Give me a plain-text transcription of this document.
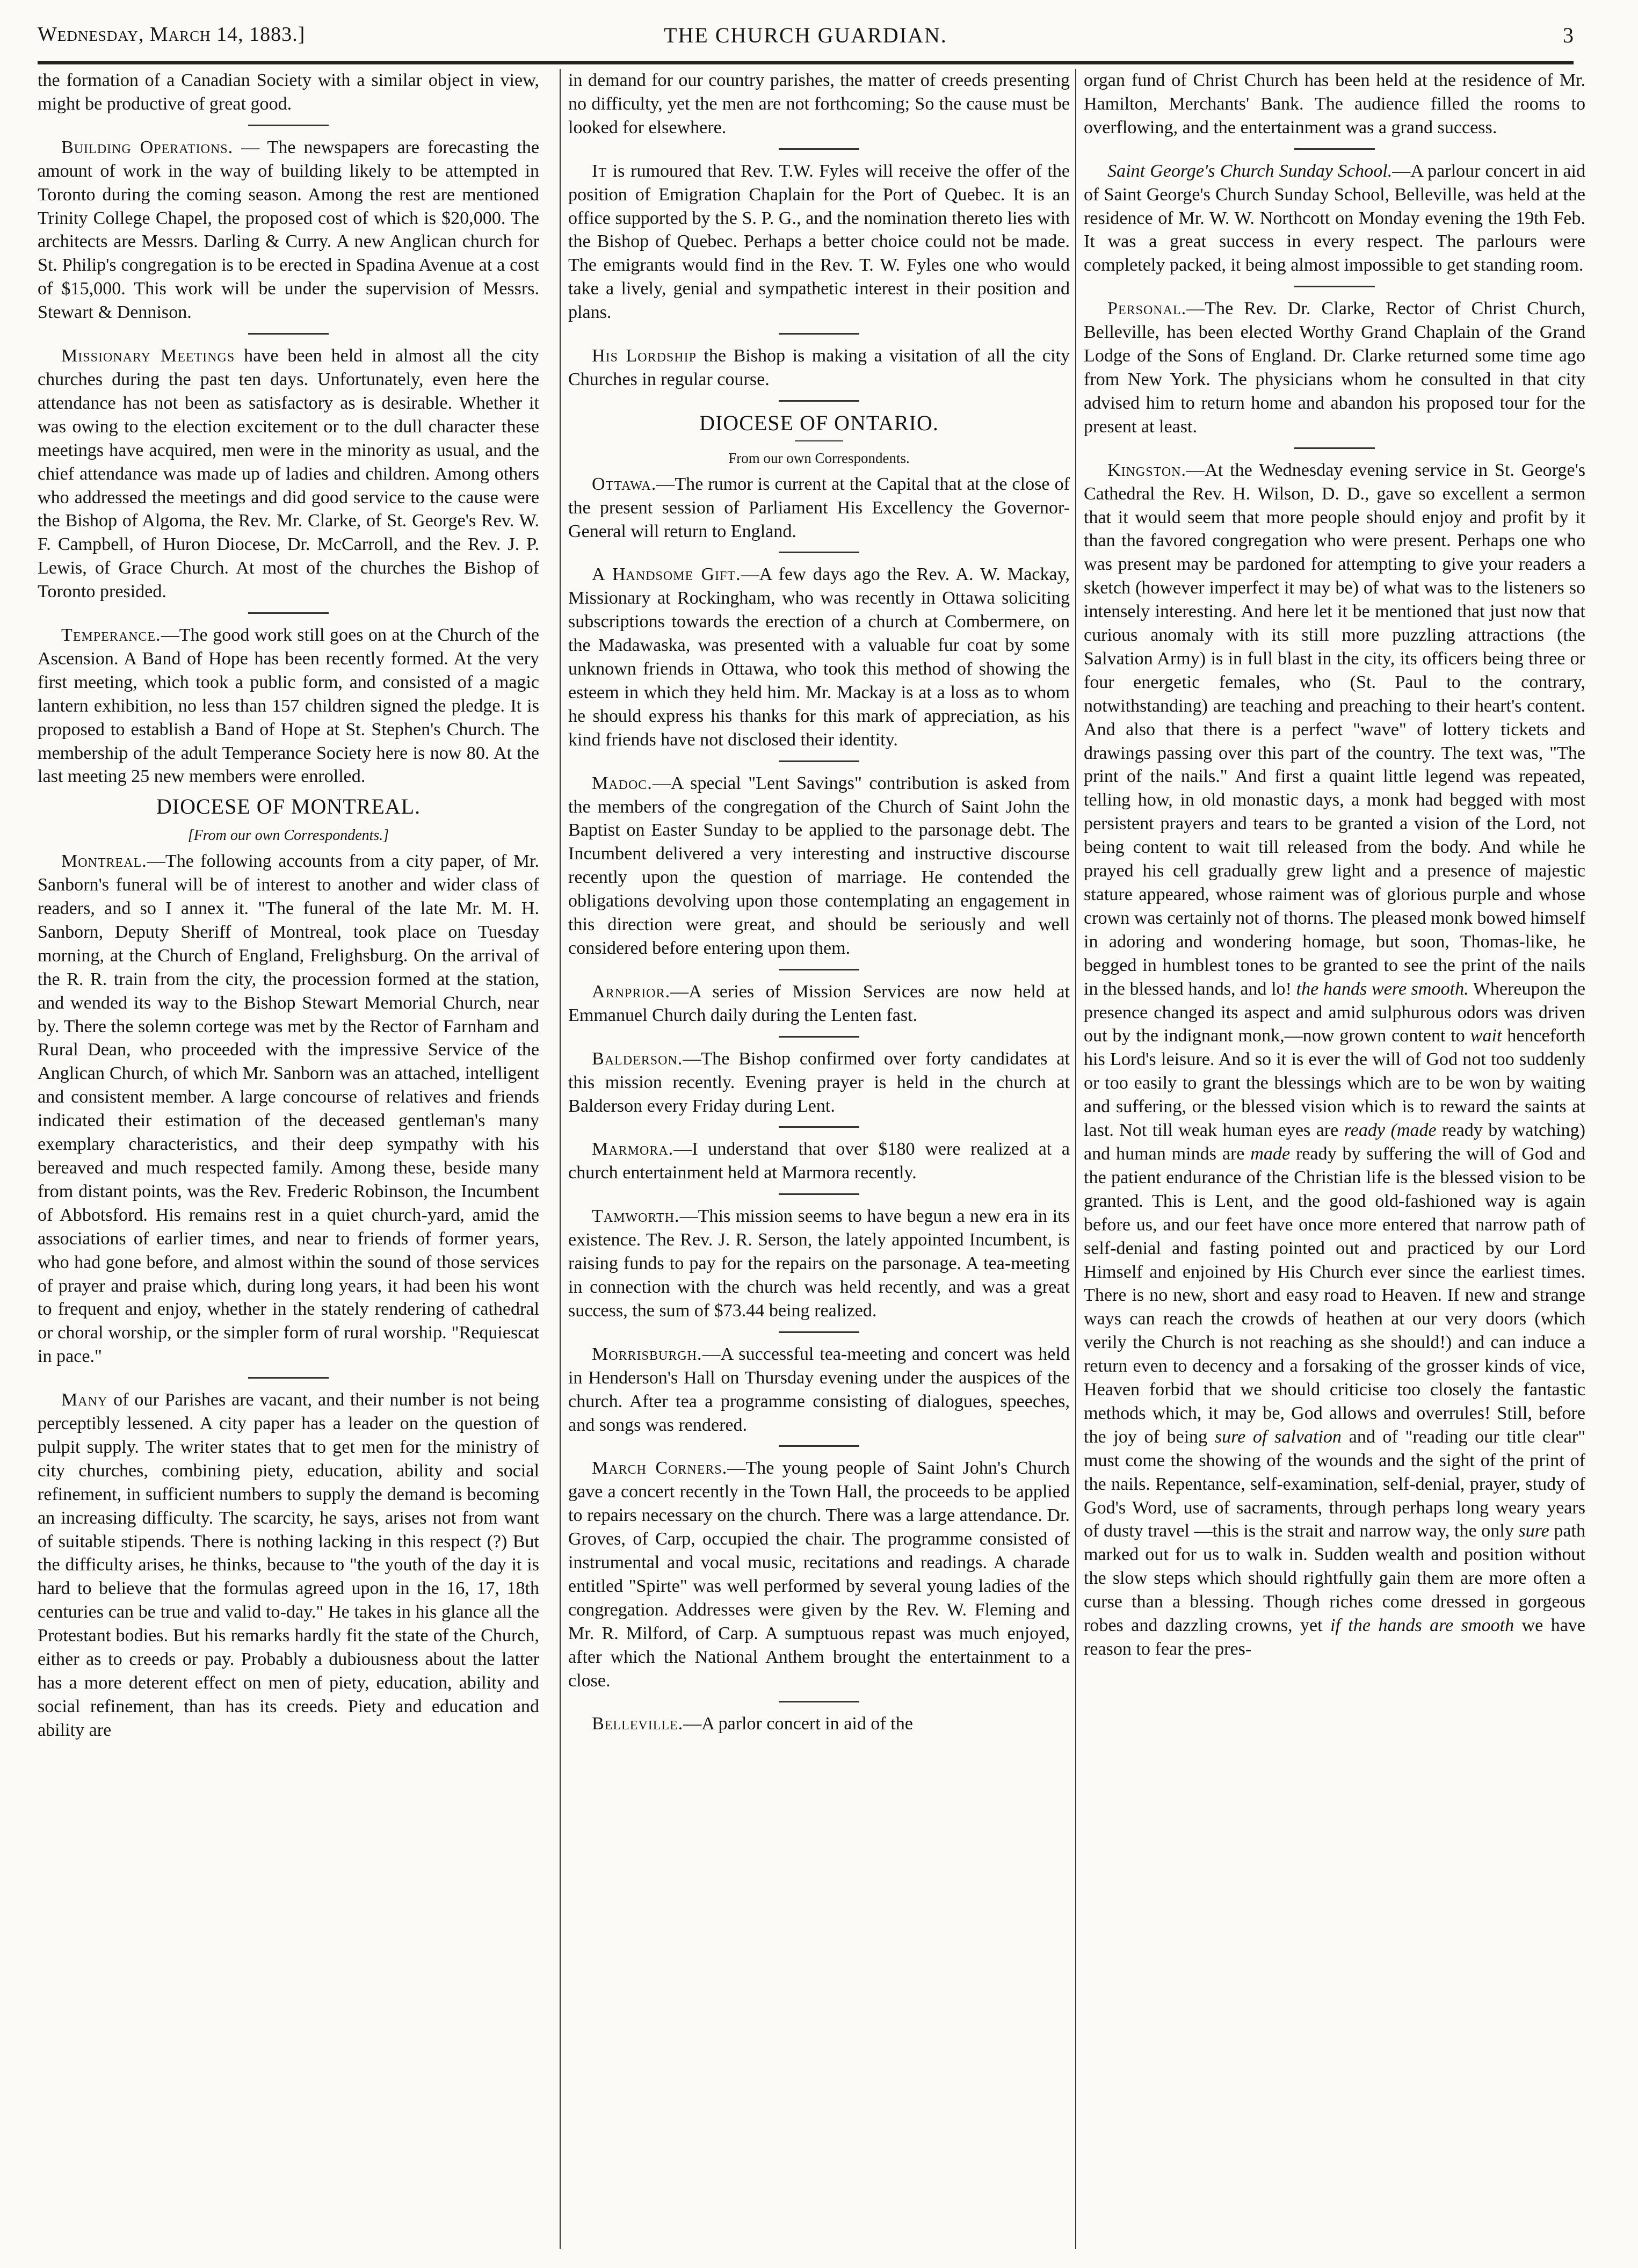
Wednesday, March 14, 1883.]	THE CHURCH GUARDIAN.	3

the formation of a Canadian Society with a similar object in view, might be productive of great good.

Building Operations. — The newspapers are forecasting the amount of work in the way of building likely to be attempted in Toronto during the coming season. Among the rest are mentioned Trinity College Chapel, the proposed cost of which is $20,000. The architects are Messrs. Darling & Curry. A new Anglican church for St. Philip's congregation is to be erected in Spadina Avenue at a cost of $15,000. This work will be under the supervision of Messrs. Stewart & Dennison.

Missionary Meetings have been held in almost all the city churches during the past ten days. Unfortunately, even here the attendance has not been as satisfactory as is desirable. Whether it was owing to the election excitement or to the dull character these meetings have acquired, men were in the minority as usual, and the chief attendance was made up of ladies and children. Among others who addressed the meetings and did good service to the cause were the Bishop of Algoma, the Rev. Mr. Clarke, of St. George's Rev. W. F. Campbell, of Huron Diocese, Dr. McCarroll, and the Rev. J. P. Lewis, of Grace Church. At most of the churches the Bishop of Toronto presided.

Temperance.—The good work still goes on at the Church of the Ascension. A Band of Hope has been recently formed. At the very first meeting, which took a public form, and consisted of a magic lantern exhibition, no less than 157 children signed the pledge. It is proposed to establish a Band of Hope at St. Stephen's Church. The membership of the adult Temperance Society here is now 80. At the last meeting 25 new members were enrolled.

DIOCESE OF MONTREAL.
[From our own Correspondents.]

Montreal.—The following accounts from a city paper, of Mr. Sanborn's funeral will be of interest to another and wider class of readers, and so I annex it. "The funeral of the late Mr. M. H. Sanborn, Deputy Sheriff of Montreal, took place on Tuesday morning, at the Church of England, Frelighsburg. On the arrival of the R. R. train from the city, the procession formed at the station, and wended its way to the Bishop Stewart Memorial Church, near by. There the solemn cortege was met by the Rector of Farnham and Rural Dean, who proceeded with the impressive Service of the Anglican Church, of which Mr. Sanborn was an attached, intelligent and consistent member. A large concourse of relatives and friends indicated their estimation of the deceased gentleman's many exemplary characteristics, and their deep sympathy with his bereaved and much respected family. Among these, beside many from distant points, was the Rev. Frederic Robinson, the Incumbent of Abbotsford. His remains rest in a quiet church-yard, amid the associations of earlier times, and near to friends of former years, who had gone before, and almost within the sound of those services of prayer and praise which, during long years, it had been his wont to frequent and enjoy, whether in the stately rendering of cathedral or choral worship, or the simpler form of rural worship. "Requiescat in pace."

Many of our Parishes are vacant, and their number is not being perceptibly lessened. A city paper has a leader on the question of pulpit supply. The writer states that to get men for the ministry of city churches, combining piety, education, ability and social refinement, in sufficient numbers to supply the demand is becoming an increasing difficulty. The scarcity, he says, arises not from want of suitable stipends. There is nothing lacking in this respect (?) But the difficulty arises, he thinks, because to "the youth of the day it is hard to believe that the formulas agreed upon in the 16, 17, 18th centuries can be true and valid to-day." He takes in his glance all the Protestant bodies. But his remarks hardly fit the state of the Church, either as to creeds or pay. Probably a dubiousness about the latter has a more deterent effect on men of piety, education, ability and social refinement, than has its creeds. Piety and education and ability are

in demand for our country parishes, the matter of creeds presenting no difficulty, yet the men are not forthcoming; So the cause must be looked for elsewhere.

It is rumoured that Rev. T.W. Fyles will receive the offer of the position of Emigration Chaplain for the Port of Quebec. It is an office supported by the S. P. G., and the nomination thereto lies with the Bishop of Quebec. Perhaps a better choice could not be made. The emigrants would find in the Rev. T. W. Fyles one who would take a lively, genial and sympathetic interest in their position and plans.

His Lordship the Bishop is making a visitation of all the city Churches in regular course.

DIOCESE OF ONTARIO.
From our own Correspondents.

Ottawa.—The rumor is current at the Capital that at the close of the present session of Parliament His Excellency the Governor-General will return to England.

A Handsome Gift.—A few days ago the Rev. A. W. Mackay, Missionary at Rockingham, who was recently in Ottawa soliciting subscriptions towards the erection of a church at Combermere, on the Madawaska, was presented with a valuable fur coat by some unknown friends in Ottawa, who took this method of showing the esteem in which they held him. Mr. Mackay is at a loss as to whom he should express his thanks for this mark of appreciation, as his kind friends have not disclosed their identity.

Madoc.—A special "Lent Savings" contribution is asked from the members of the congregation of the Church of Saint John the Baptist on Easter Sunday to be applied to the parsonage debt. The Incumbent delivered a very interesting and instructive discourse recently upon the question of marriage. He contended the obligations devolving upon those contemplating an engagement in this direction were great, and should be seriously and well considered before entering upon them.

Arnprior.—A series of Mission Services are now held at Emmanuel Church daily during the Lenten fast.

Balderson.—The Bishop confirmed over forty candidates at this mission recently. Evening prayer is held in the church at Balderson every Friday during Lent.

Marmora.—I understand that over $180 were realized at a church entertainment held at Marmora recently.

Tamworth.—This mission seems to have begun a new era in its existence. The Rev. J. R. Serson, the lately appointed Incumbent, is raising funds to pay for the repairs on the parsonage. A tea-meeting in connection with the church was held recently, and was a great success, the sum of $73.44 being realized.

Morrisburgh.—A successful tea-meeting and concert was held in Henderson's Hall on Thursday evening under the auspices of the church. After tea a programme consisting of dialogues, speeches, and songs was rendered.

March Corners.—The young people of Saint John's Church gave a concert recently in the Town Hall, the proceeds to be applied to repairs necessary on the church. There was a large attendance. Dr. Groves, of Carp, occupied the chair. The programme consisted of instrumental and vocal music, recitations and readings. A charade entitled "Spirte" was well performed by several young ladies of the congregation. Addresses were given by the Rev. W. Fleming and Mr. R. Milford, of Carp. A sumptuous repast was much enjoyed, after which the National Anthem brought the entertainment to a close.

Belleville.—A parlor concert in aid of the

organ fund of Christ Church has been held at the residence of Mr. Hamilton, Merchants' Bank. The audience filled the rooms to overflowing, and the entertainment was a grand success.

Saint George's Church Sunday School.—A parlour concert in aid of Saint George's Church Sunday School, Belleville, was held at the residence of Mr. W. W. Northcott on Monday evening the 19th Feb. It was a great success in every respect. The parlours were completely packed, it being almost impossible to get standing room.

Personal.—The Rev. Dr. Clarke, Rector of Christ Church, Belleville, has been elected Worthy Grand Chaplain of the Grand Lodge of the Sons of England. Dr. Clarke returned some time ago from New York. The physicians whom he consulted in that city advised him to return home and abandon his proposed tour for the present at least.

Kingston.—At the Wednesday evening service in St. George's Cathedral the Rev. H. Wilson, D. D., gave so excellent a sermon that it would seem that more people should enjoy and profit by it than the favored congregation who were present. Perhaps one who was present may be pardoned for attempting to give your readers a sketch (however imperfect it may be) of what was to the listeners so intensely interesting. And here let it be mentioned that just now that curious anomaly with its still more puzzling attractions (the Salvation Army) is in full blast in the city, its officers being three or four energetic females, who (St. Paul to the contrary, notwithstanding) are teaching and preaching to their heart's content. And also that there is a perfect "wave" of lottery tickets and drawings passing over this part of the country. The text was, "The print of the nails." And first a quaint little legend was repeated, telling how, in old monastic days, a monk had begged with most persistent prayers and tears to be granted a vision of the Lord, not being content to wait till released from the body. And while he prayed his cell gradually grew light and a presence of majestic stature appeared, whose raiment was of glorious purple and whose crown was certainly not of thorns. The pleased monk bowed himself in adoring and wondering homage, but soon, Thomas-like, he begged in humblest tones to be granted to see the print of the nails in the blessed hands, and lo! the hands were smooth. Whereupon the presence changed its aspect and amid sulphurous odors was driven out by the indignant monk,—now grown content to wait henceforth his Lord's leisure. And so it is ever the will of God not too suddenly or too easily to grant the blessings which are to be won by waiting and suffering, or the blessed vision which is to reward the saints at last. Not till weak human eyes are ready (made ready by watching) and human minds are made ready by suffering the will of God and the patient endurance of the Christian life is the blessed vision to be granted. This is Lent, and the good old-fashioned way is again before us, and our feet have once more entered that narrow path of self-denial and fasting pointed out and practiced by our Lord Himself and enjoined by His Church ever since the earliest times. There is no new, short and easy road to Heaven. If new and strange ways can reach the crowds of heathen at our very doors (which verily the Church is not reaching as she should!) and can induce a return even to decency and a forsaking of the grosser kinds of vice, Heaven forbid that we should criticise too closely the fantastic methods which, it may be, God allows and overrules! Still, before the joy of being sure of salvation and of "reading our title clear" must come the showing of the wounds and the sight of the print of the nails. Repentance, self-examination, self-denial, prayer, study of God's Word, use of sacraments, through perhaps long weary years of dusty travel —this is the strait and narrow way, the only sure path marked out for us to walk in. Sudden wealth and position without the slow steps which should rightfully gain them are more often a curse than a blessing. Though riches come dressed in gorgeous robes and dazzling crowns, yet if the hands are smooth we have reason to fear the pres-
